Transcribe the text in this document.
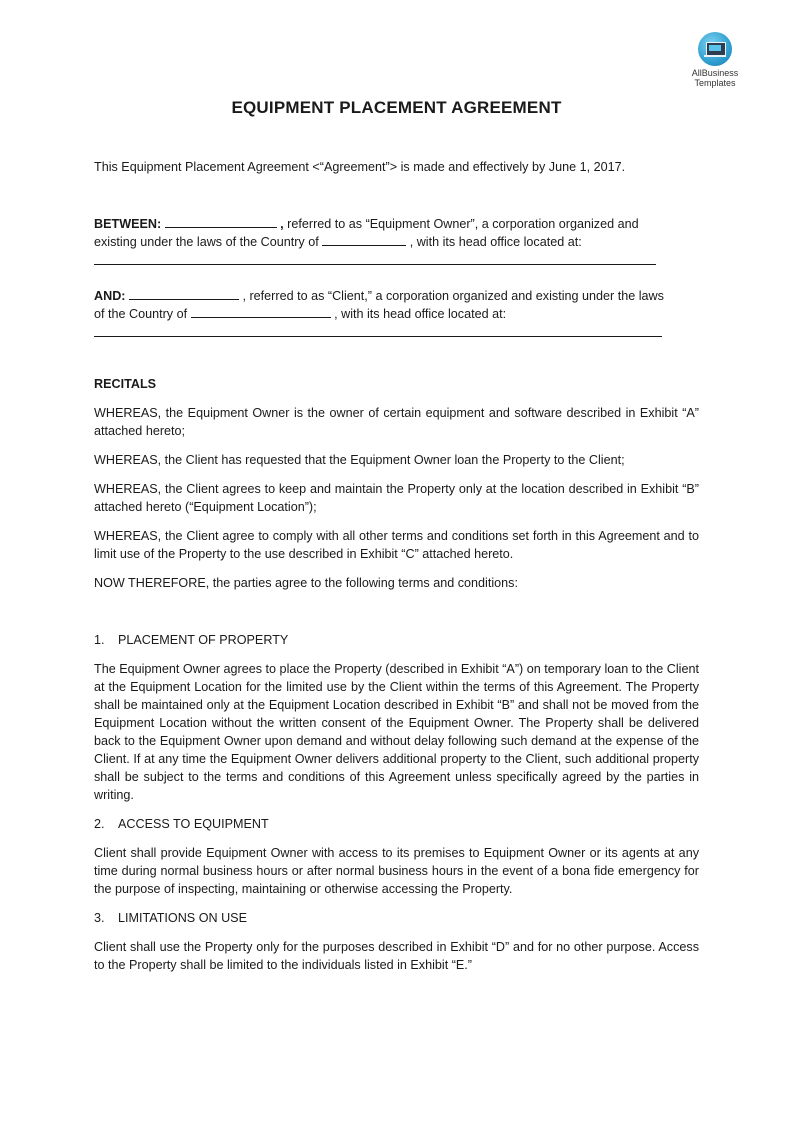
AllBusiness
Templates
EQUIPMENT PLACEMENT AGREEMENT

This Equipment Placement Agreement <“Agreement”> is made and effectively by June 1, 2017.

BETWEEN:	, referred to as “Equipment Owner”, a corporation organized and

existing under the laws of the Country of	, with its head office located at:

AND:	, referred to as “Client,” a corporation organized and existing under the laws

of the Country of	, with its head office located at:

RECITALS

WHEREAS, the Equipment Owner is the owner of certain equipment and software described in Exhibit “A” attached hereto;

WHEREAS, the Client has requested that the Equipment Owner loan the Property to the Client;

WHEREAS, the Client agrees to keep and maintain the Property only at the location described in Exhibit “B” attached hereto (“Equipment Location”);

WHEREAS, the Client agree to comply with all other terms and conditions set forth in this Agreement and to limit use of the Property to the use described in Exhibit “C” attached hereto.

NOW THEREFORE, the parties agree to the following terms and conditions:

1. PLACEMENT OF PROPERTY

The Equipment Owner agrees to place the Property (described in Exhibit “A”) on temporary loan to the Client at the Equipment Location for the limited use by the Client within the terms of this Agreement. The Property shall be maintained only at the Equipment Location described in Exhibit “B” and shall not be moved from the Equipment Location without the written consent of the Equipment Owner. The Property shall be delivered back to the Equipment Owner upon demand and without delay following such demand at the expense of the Client. If at any time the Equipment Owner delivers additional property to the Client, such additional property shall be subject to the terms and conditions of this Agreement unless specifically agreed by the parties in writing.

2. ACCESS TO EQUIPMENT

Client shall provide Equipment Owner with access to its premises to Equipment Owner or its agents at any time during normal business hours or after normal business hours in the event of a bona fide emergency for the purpose of inspecting, maintaining or otherwise accessing the Property.

3. LIMITATIONS ON USE

Client shall use the Property only for the purposes described in Exhibit “D” and for no other purpose. Access to the Property shall be limited to the individuals listed in Exhibit “E.”
